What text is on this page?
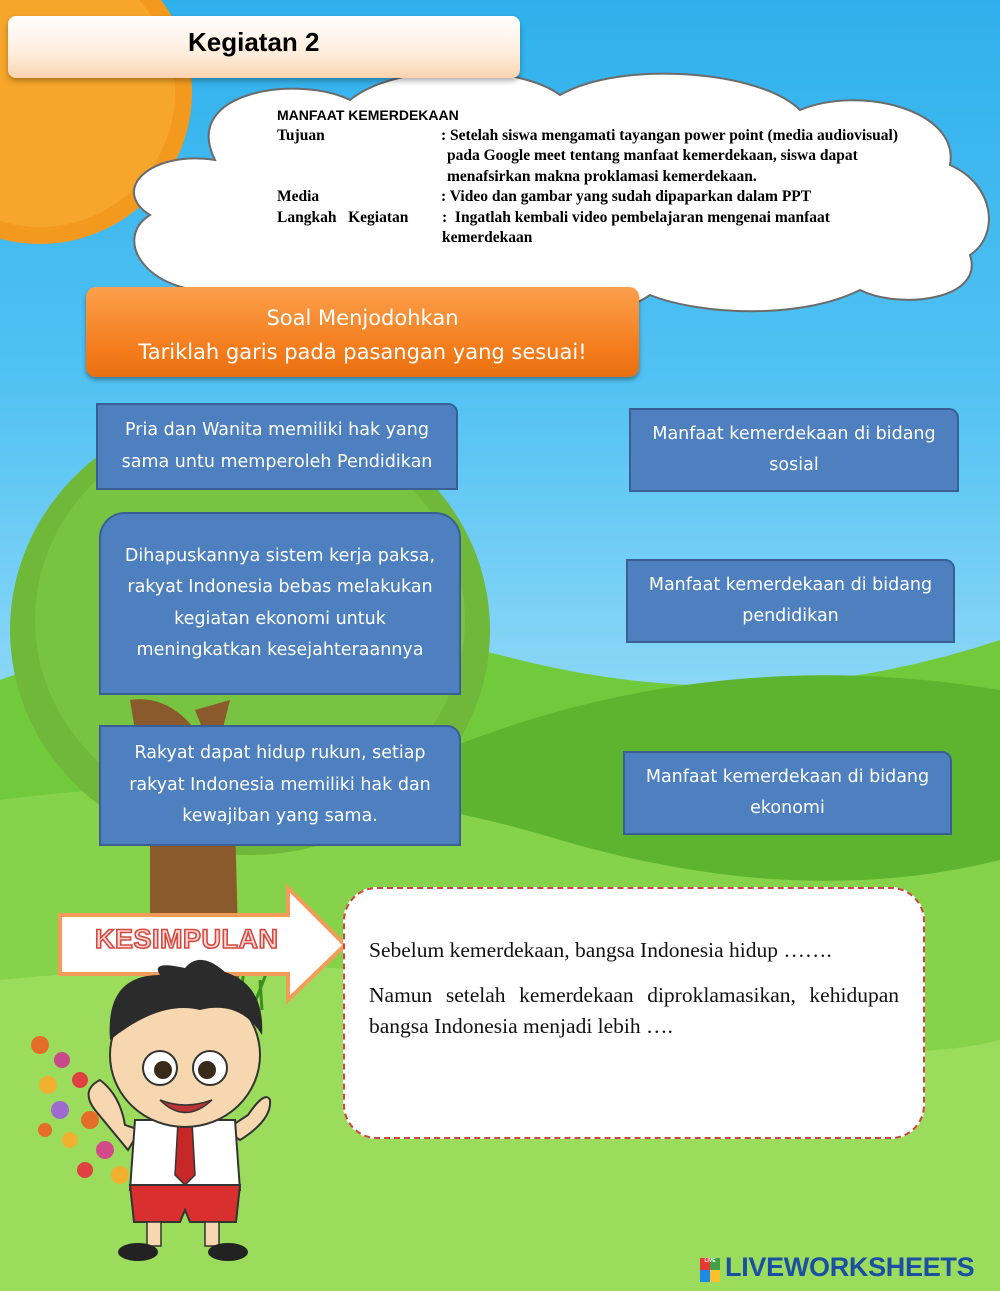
Kegiatan 2
MANFAAT KEMERDEKAAN
Tujuan	: Setelah siswa mengamati tayangan power point (media audiovisual) pada Google meet tentang manfaat kemerdekaan, siswa dapat menafsirkan makna proklamasi kemerdekaan.
Media	: Video dan gambar yang sudah dipaparkan dalam PPT
Langkah   Kegiatan	: Ingatlah kembali video pembelajaran mengenai manfaat kemerdekaan
Soal Menjodohkan
Tariklah garis pada pasangan yang sesuai!
Pria dan Wanita memiliki hak yang sama untu memperoleh Pendidikan
Dihapuskannya sistem kerja paksa, rakyat Indonesia bebas melakukan kegiatan ekonomi untuk meningkatkan kesejahteraannya
Rakyat dapat hidup rukun, setiap rakyat Indonesia memiliki hak dan kewajiban yang sama.
Manfaat kemerdekaan di bidang sosial
Manfaat kemerdekaan di bidang pendidikan
Manfaat kemerdekaan di bidang ekonomi
KESIMPULAN	Sebelum kemerdekaan, bangsa Indonesia hidup …….

Namun setelah kemerdekaan diproklamasikan, kehidupan bangsa Indonesia menjadi lebih ….

LIVE LIVEWORKSHEETS
